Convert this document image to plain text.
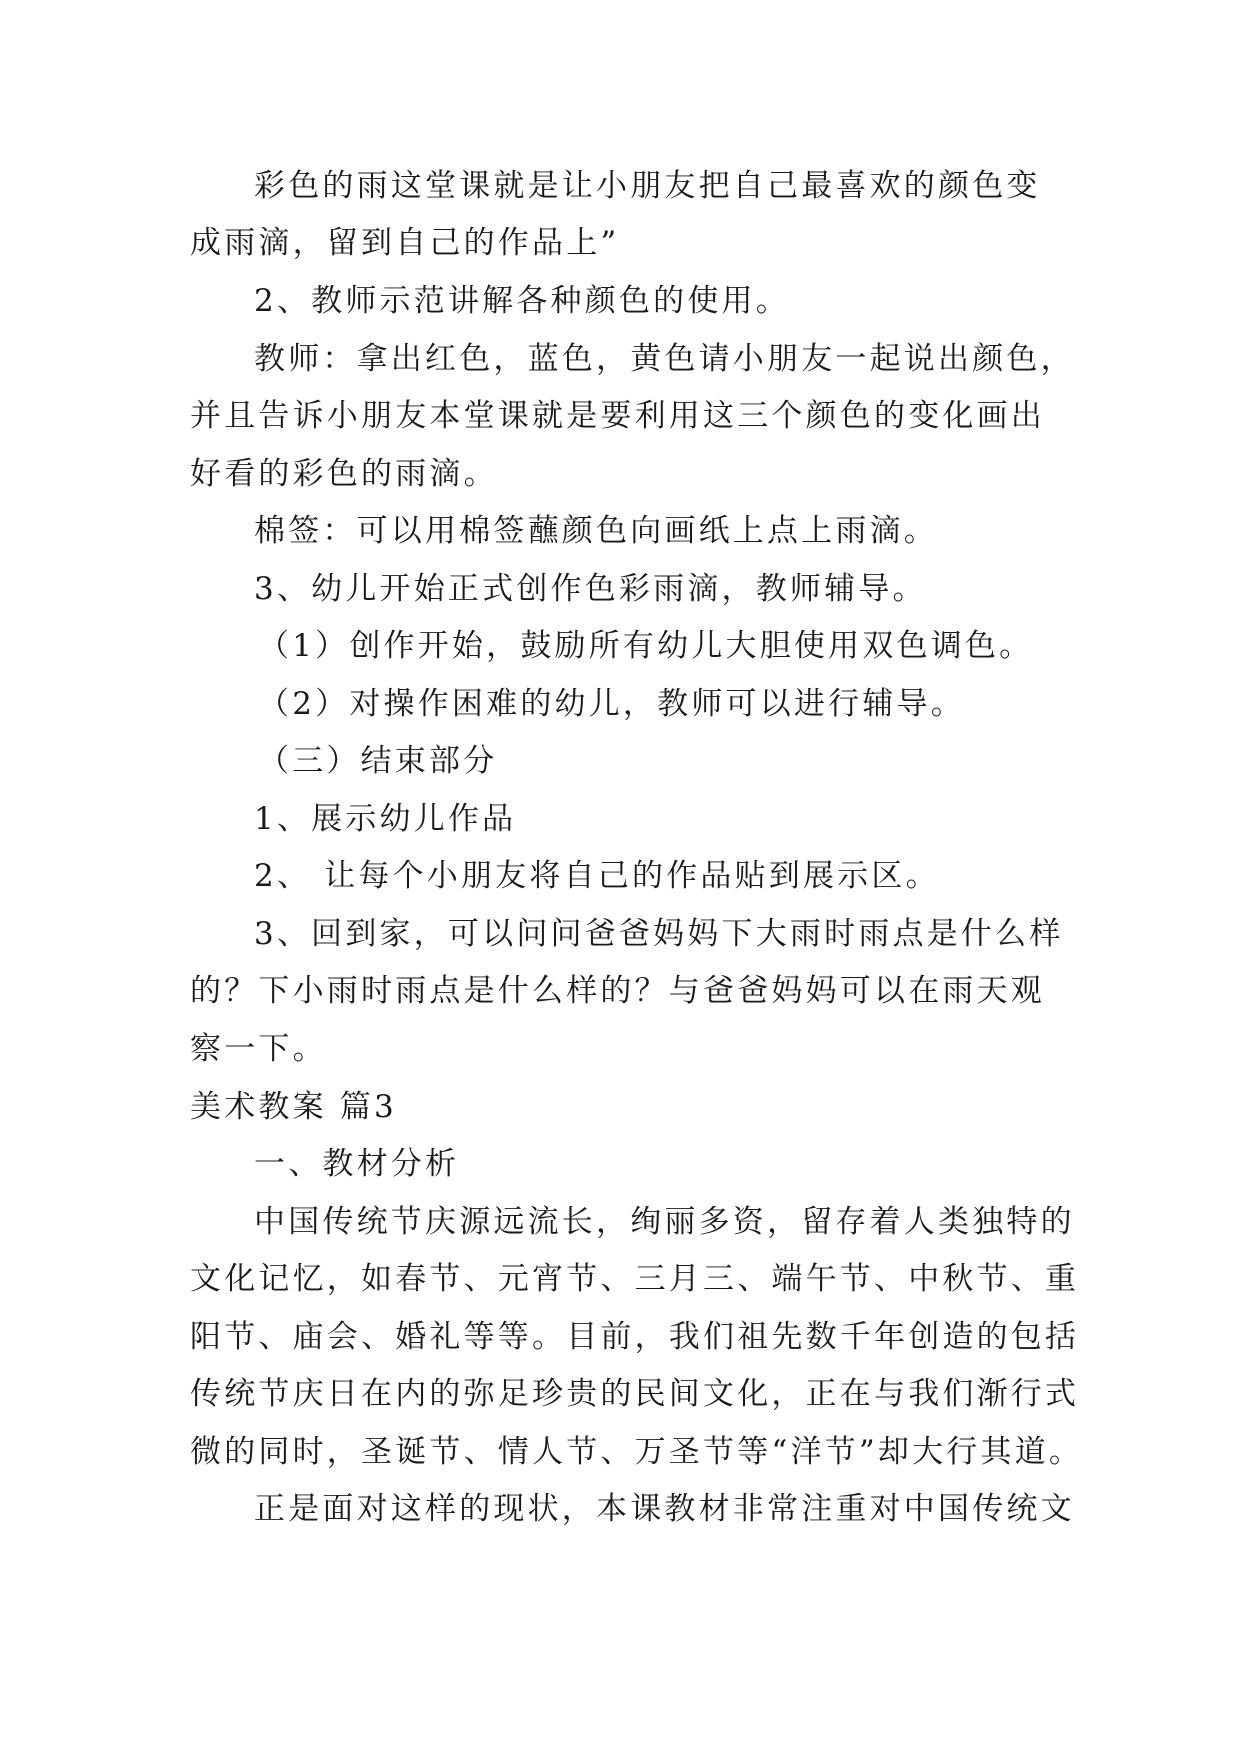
彩色的雨这堂课就是让小朋友把自己最喜欢的颜色变
成雨滴，留到自己的作品上”
2、教师示范讲解各种颜色的使用。
教师：拿出红色，蓝色，黄色请小朋友一起说出颜色，
并且告诉小朋友本堂课就是要利用这三个颜色的变化画出
好看的彩色的雨滴。
棉签：可以用棉签蘸颜色向画纸上点上雨滴。
3、幼儿开始正式创作色彩雨滴，教师辅导。
（1）创作开始，鼓励所有幼儿大胆使用双色调色。
（2）对操作困难的幼儿，教师可以进行辅导。
（三）结束部分
1、展示幼儿作品
2、 让每个小朋友将自己的作品贴到展示区。
3、回到家，可以问问爸爸妈妈下大雨时雨点是什么样
的？下小雨时雨点是什么样的？与爸爸妈妈可以在雨天观
察一下。
美术教案 篇3
一、教材分析
中国传统节庆源远流长，绚丽多资，留存着人类独特的
文化记忆，如春节、元宵节、三月三、端午节、中秋节、重
阳节、庙会、婚礼等等。目前，我们祖先数千年创造的包括
传统节庆日在内的弥足珍贵的民间文化，正在与我们渐行式
微的同时，圣诞节、情人节、万圣节等“洋节”却大行其道。
正是面对这样的现状，本课教材非常注重对中国传统文
